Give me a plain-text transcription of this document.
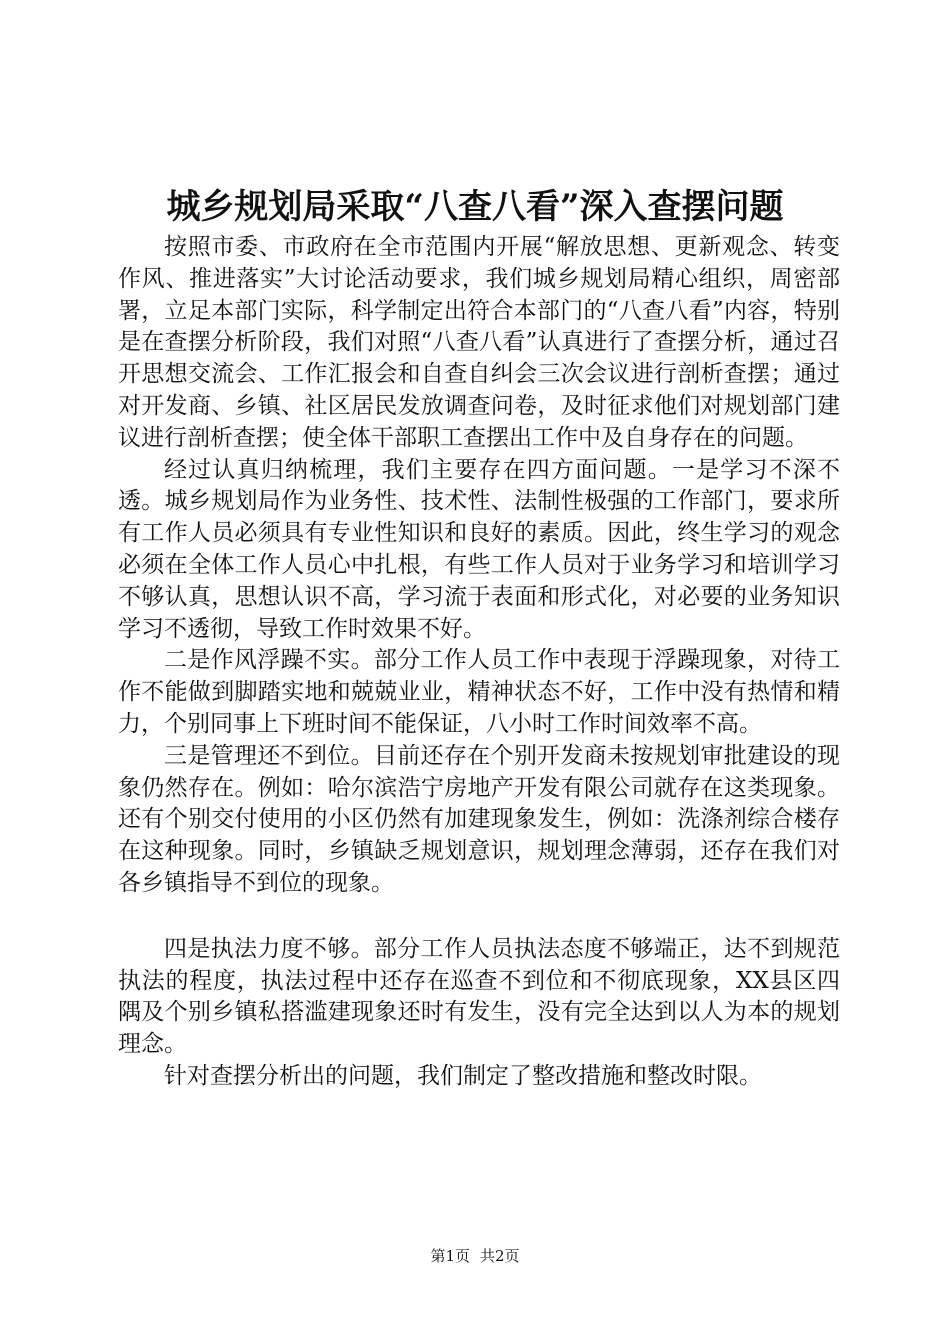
城乡规划局采取“八查八看”深入查摆问题

按照市委、市政府在全市范围内开展“解放思想、更新观念、转变作风、推进落实”大讨论活动要求，我们城乡规划局精心组织，周密部署，立足本部门实际，科学制定出符合本部门的“八查八看”内容，特别是在查摆分析阶段，我们对照“八查八看”认真进行了查摆分析，通过召开思想交流会、工作汇报会和自查自纠会三次会议进行剖析查摆；通过对开发商、乡镇、社区居民发放调查问卷，及时征求他们对规划部门建议进行剖析查摆；使全体干部职工查摆出工作中及自身存在的问题。

经过认真归纳梳理，我们主要存在四方面问题。一是学习不深不透。城乡规划局作为业务性、技术性、法制性极强的工作部门，要求所有工作人员必须具有专业性知识和良好的素质。因此，终生学习的观念必须在全体工作人员心中扎根，有些工作人员对于业务学习和培训学习不够认真，思想认识不高，学习流于表面和形式化，对必要的业务知识学习不透彻，导致工作时效果不好。

二是作风浮躁不实。部分工作人员工作中表现于浮躁现象，对待工作不能做到脚踏实地和兢兢业业，精神状态不好，工作中没有热情和精力，个别同事上下班时间不能保证，八小时工作时间效率不高。

三是管理还不到位。目前还存在个别开发商未按规划审批建设的现象仍然存在。例如：哈尔滨浩宁房地产开发有限公司就存在这类现象。还有个别交付使用的小区仍然有加建现象发生，例如：洗涤剂综合楼存在这种现象。同时，乡镇缺乏规划意识，规划理念薄弱，还存在我们对各乡镇指导不到位的现象。

四是执法力度不够。部分工作人员执法态度不够端正，达不到规范执法的程度，执法过程中还存在巡查不到位和不彻底现象，XX县区四隅及个别乡镇私搭滥建现象还时有发生，没有完全达到以人为本的规划理念。

针对查摆分析出的问题，我们制定了整改措施和整改时限。

第1页 共2页
